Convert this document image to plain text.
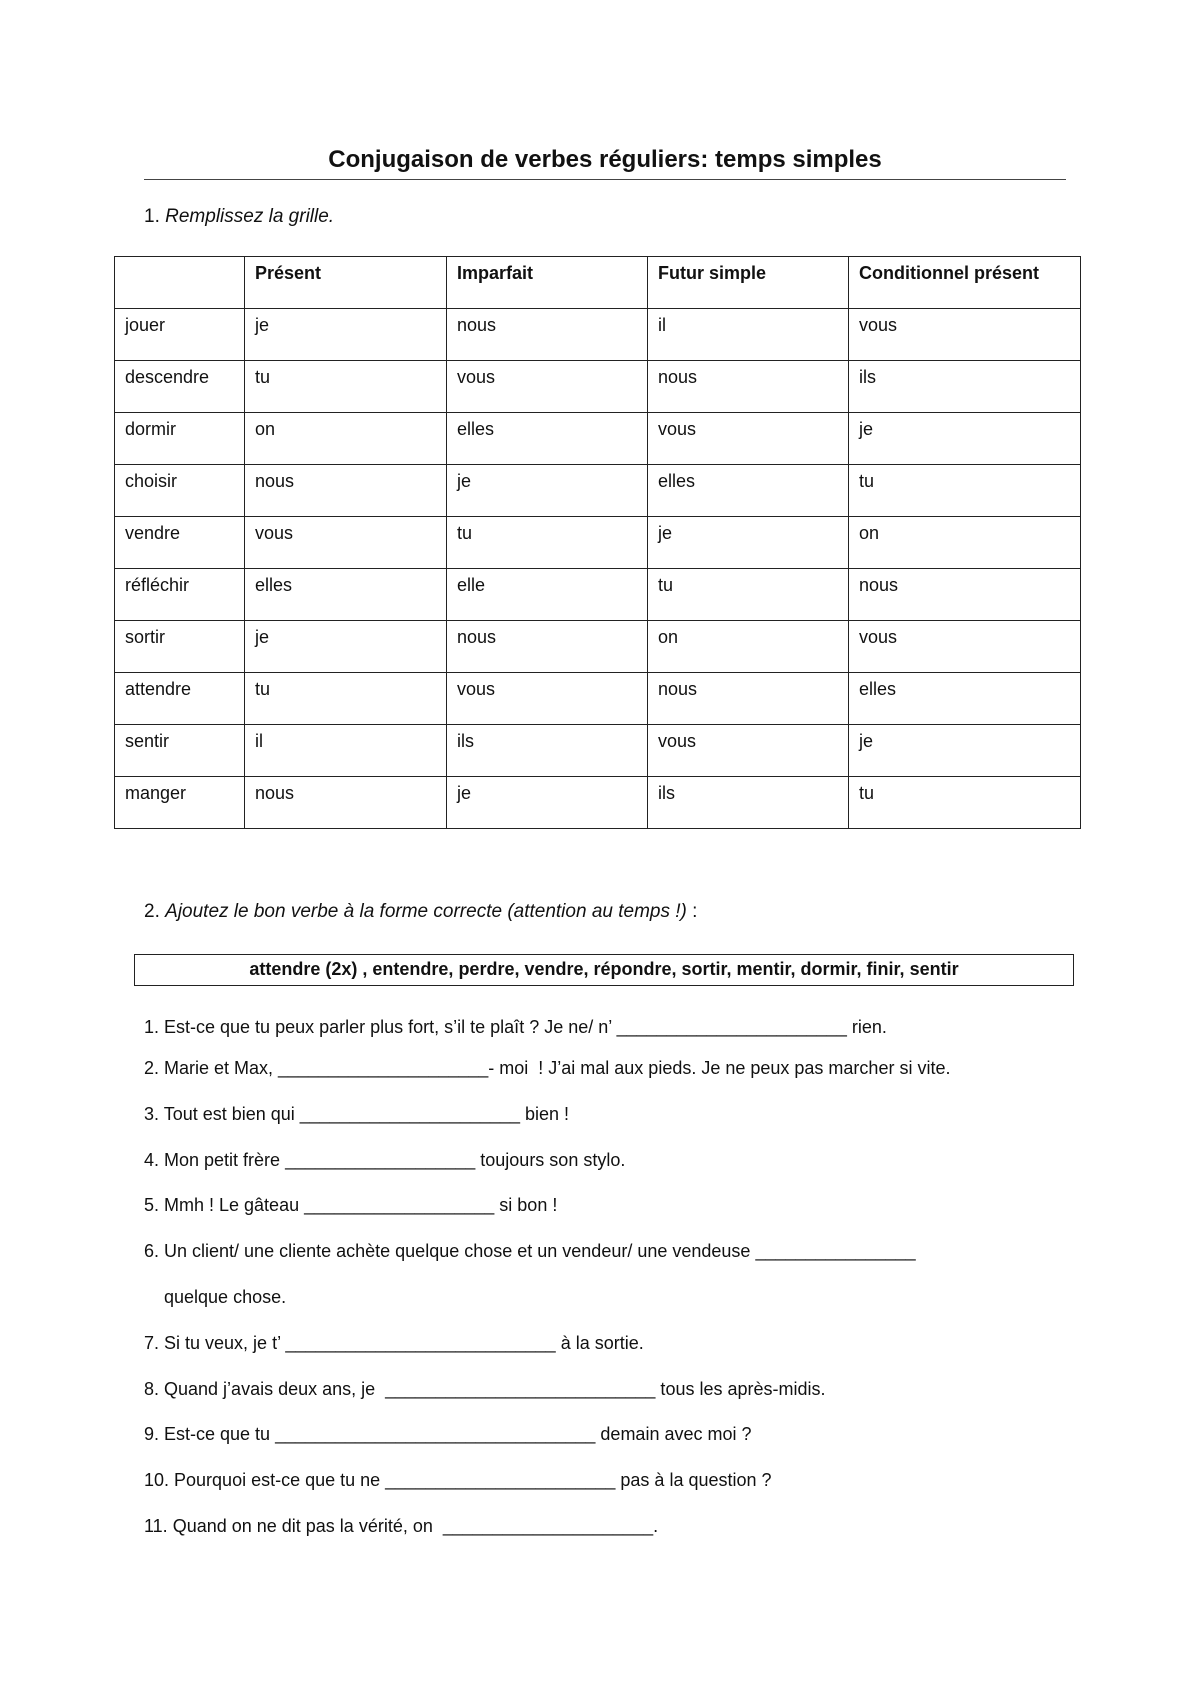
Conjugaison de verbes réguliers: temps simples
1. Remplissez la grille.
	Présent	Imparfait	Futur simple	Conditionnel présent
jouer	je	nous	il	vous
descendre	tu	vous	nous	ils
dormir	on	elles	vous	je
choisir	nous	je	elles	tu
vendre	vous	tu	je	on
réfléchir	elles	elle	tu	nous
sortir	je	nous	on	vous
attendre	tu	vous	nous	elles
sentir	il	ils	vous	je
manger	nous	je	ils	tu
2. Ajoutez le bon verbe à la forme correcte (attention au temps !) :
attendre (2x) , entendre, perdre, vendre, répondre, sortir, mentir, dormir, finir, sentir
1. Est-ce que tu peux parler plus fort, s’il te plaît ? Je ne/ n’ _______________________ rien.
2. Marie et Max, _____________________- moi  ! J’ai mal aux pieds. Je ne peux pas marcher si vite.
3. Tout est bien qui ______________________ bien !
4. Mon petit frère ___________________ toujours son stylo.
5. Mmh ! Le gâteau ___________________ si bon !
6. Un client/ une cliente achète quelque chose et un vendeur/ une vendeuse ________________
quelque chose.
7. Si tu veux, je t’ ___________________________ à la sortie.
8. Quand j’avais deux ans, je  ___________________________ tous les après-midis.
9. Est-ce que tu ________________________________ demain avec moi ?
10. Pourquoi est-ce que tu ne _______________________ pas à la question ?
11. Quand on ne dit pas la vérité, on  _____________________.
